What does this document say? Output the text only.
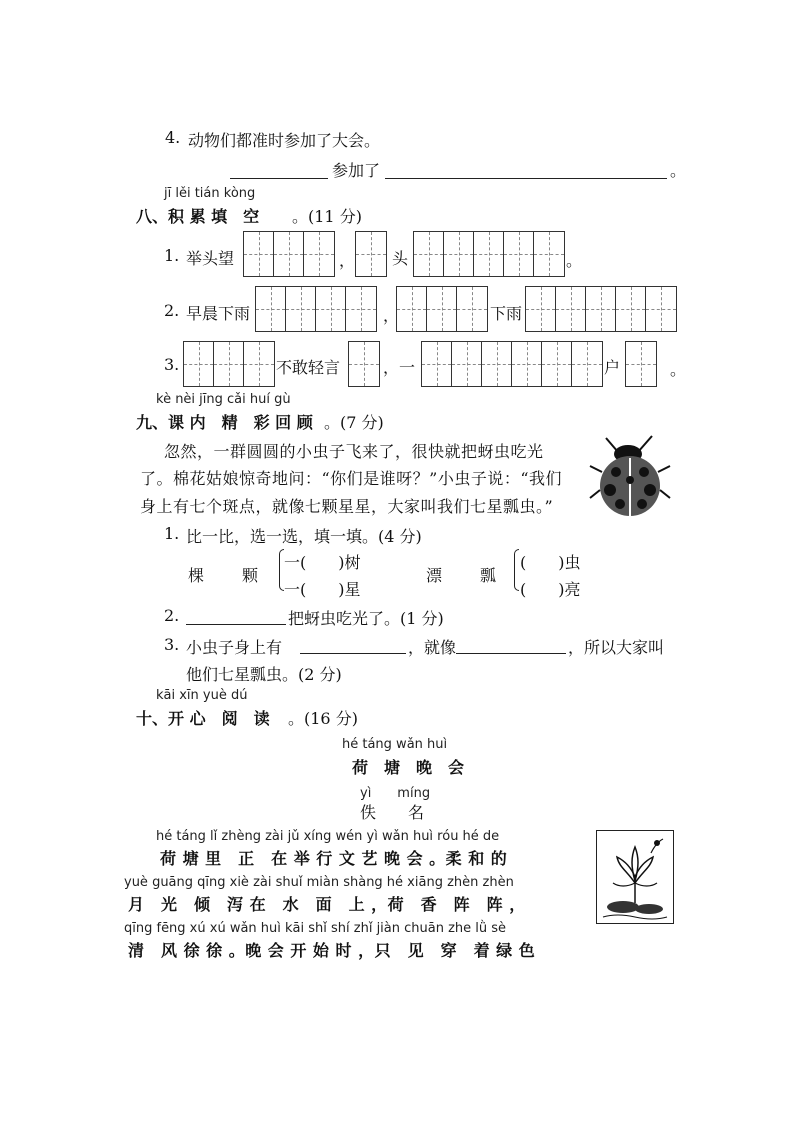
4. 动物们都准时参加了大会。
参加了	。
jī lěi tián kòng
八、积 累 填　空 。(11 分)
1. 举头望	， 头	。
2. 早晨下雨	，	下雨
3.	不敢轻言	，一	户	。
kè nèi jīng cǎi huí gù
九、课 内　精　彩 回 顾 。(7 分)
忽然，一群圆圆的小虫子飞来了，很快就把蚜虫吃光
了。棉花姑娘惊奇地问：“你们是谁呀？”小虫子说：“我们
身上有七个斑点，就像七颗星星，大家叫我们七星瓢虫。”
1. 比一比，选一选，填一填。(4 分)
棵 颗
一(　　)树
一(　　)星
漂 瓢
(　　)虫
(　　)亮
2.	把蚜虫吃光了。(1 分)
3. 小虫子身上有	，就像	，所以大家叫
他们七星瓢虫。(2 分)
kāi xīn yuè dú
十、开 心　阅　读 。(16 分)
hé táng wǎn huì
荷　塘　晚　会
yì　　míng
佚　　名
hé táng lǐ zhèng zài jǔ xíng wén yì wǎn huì róu hé de
荷 塘 里　正　在 举 行 文 艺 晚 会 。柔 和 的
yuè guāng qīng xiè zài shuǐ miàn shàng hé xiāng zhèn zhèn
月　光　倾　泻 在　水　面　上 ，荷　香　阵　阵 ，
qīng fēng xú xú wǎn huì kāi shǐ shí zhǐ jiàn chuān zhe lǜ sè
清　风 徐 徐 。晚 会 开 始 时 ，只　见　穿　着 绿 色
